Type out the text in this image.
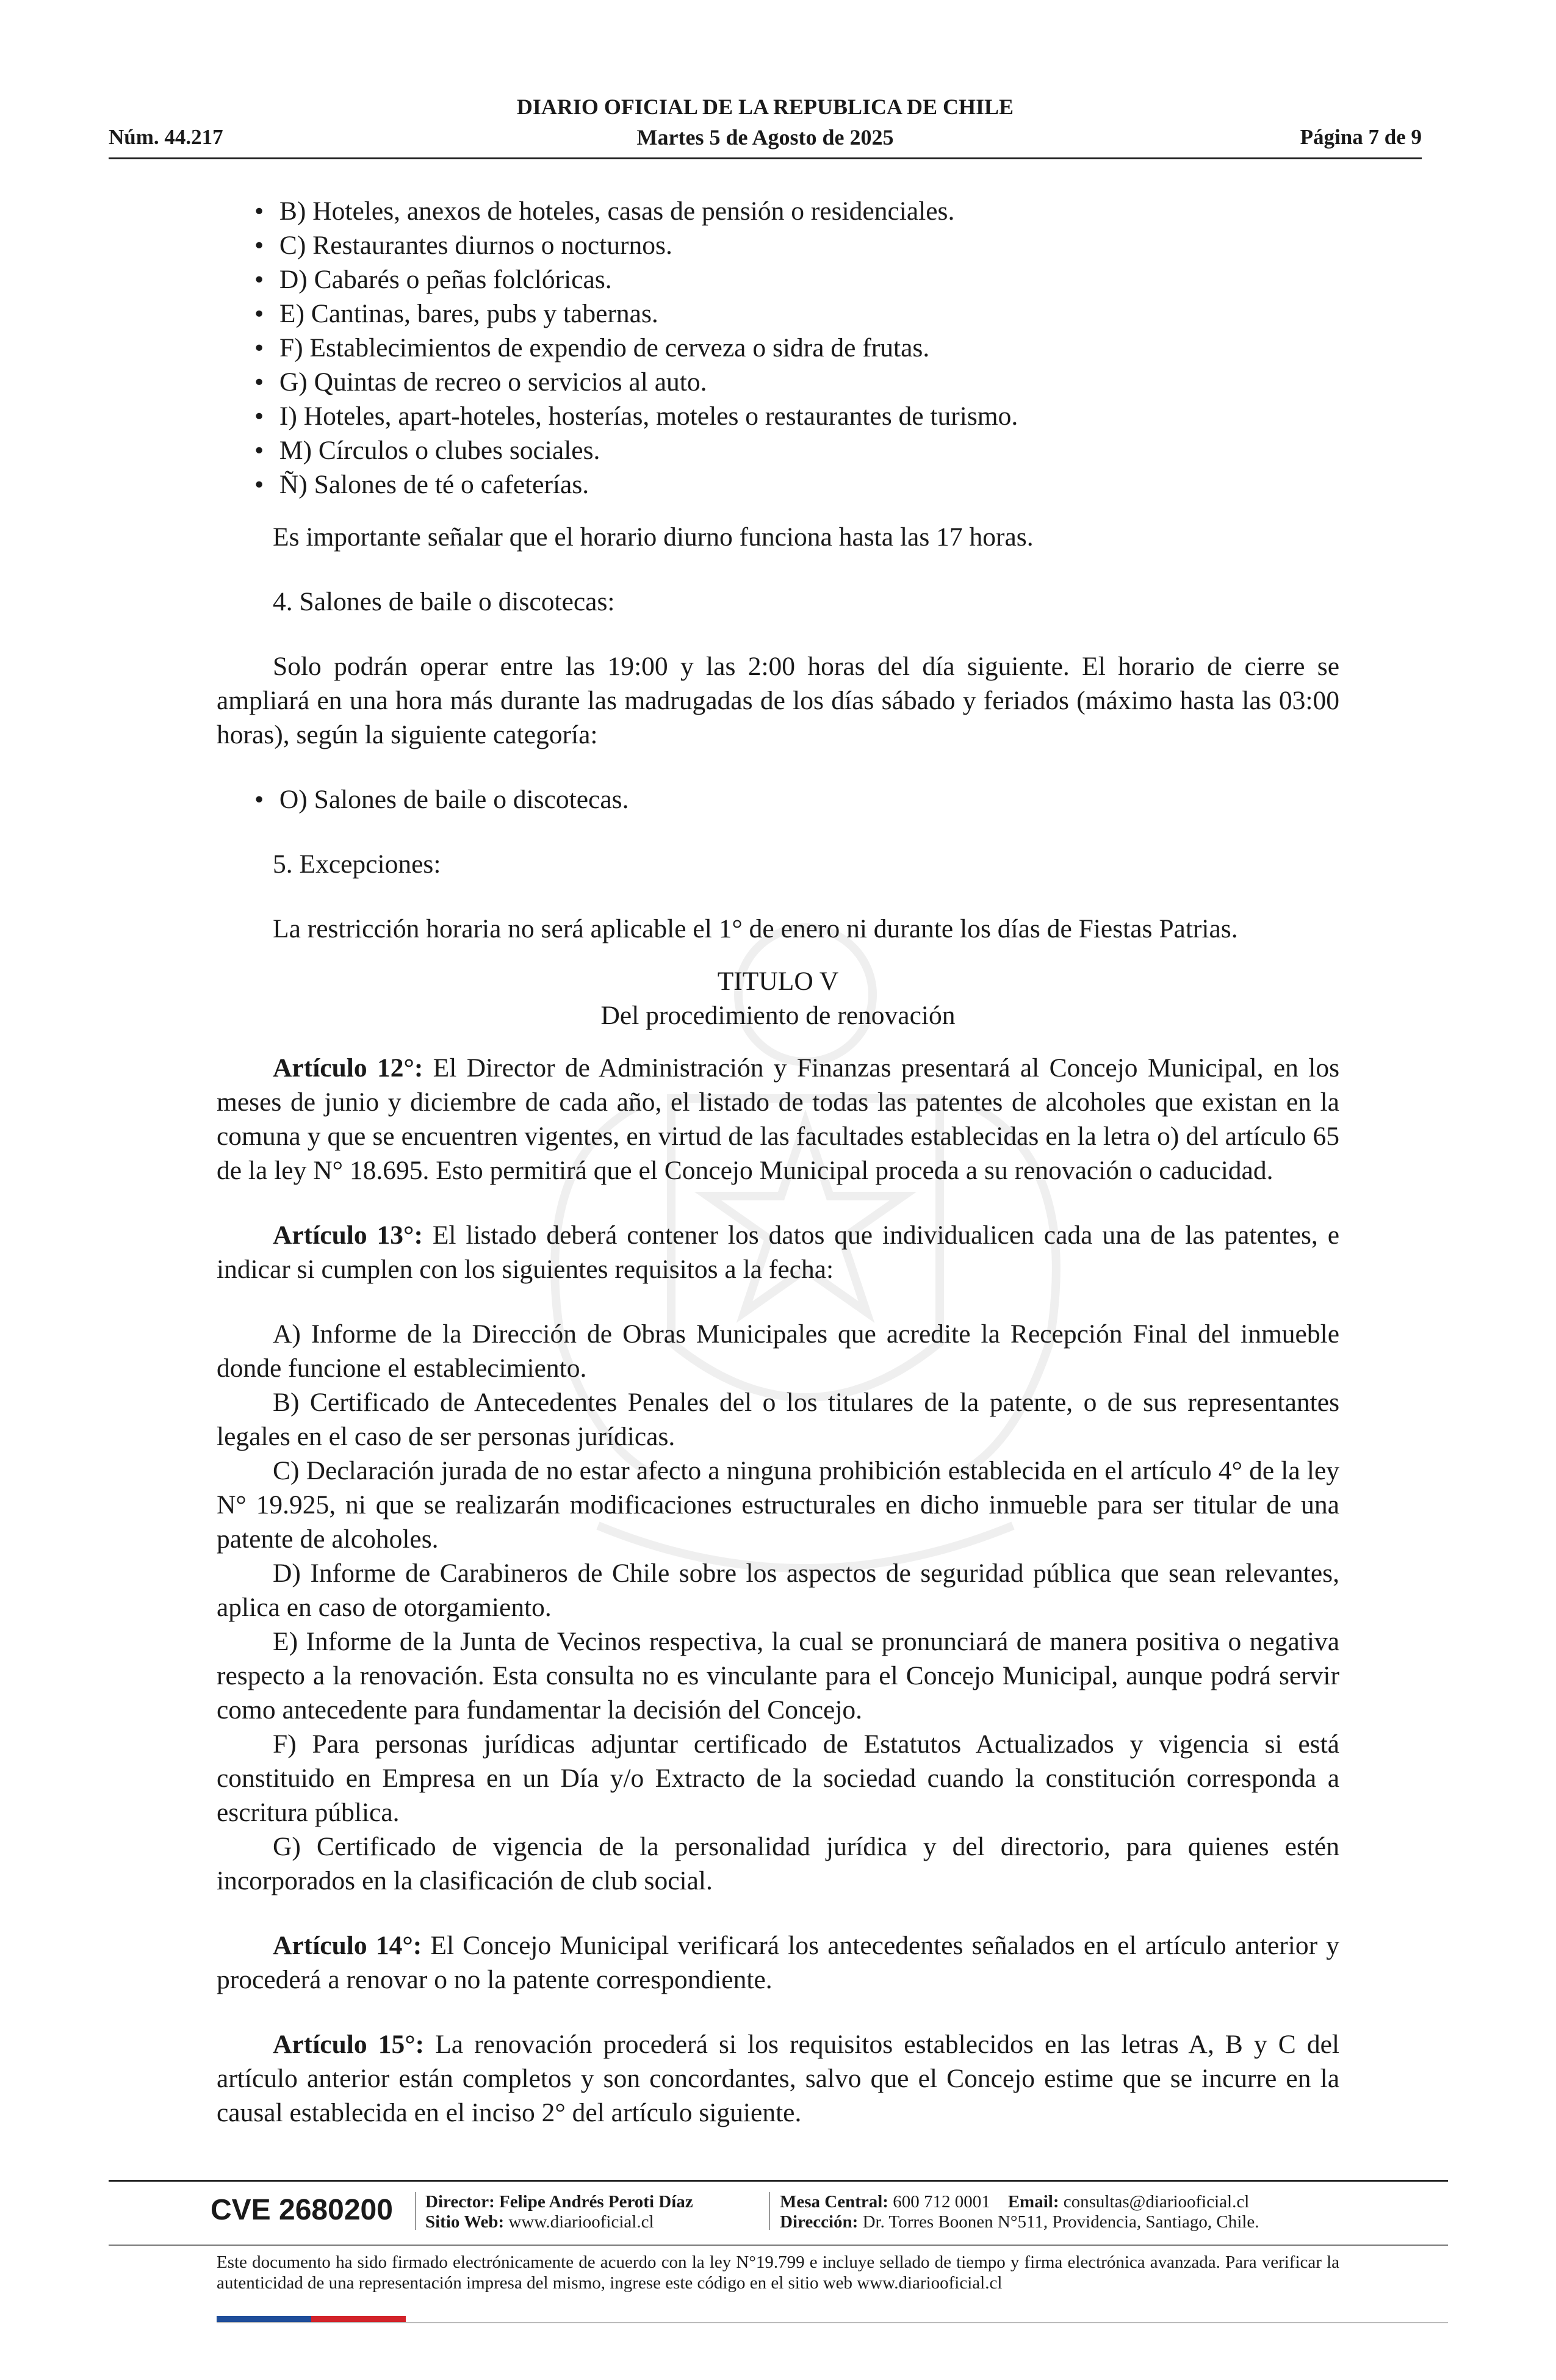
DIARIO OFICIAL DE LA REPUBLICA DE CHILE
Martes 5 de Agosto de 2025
Núm. 44.217	Página 7 de 9
• B) Hoteles, anexos de hoteles, casas de pensión o residenciales.
• C) Restaurantes diurnos o nocturnos.
• D) Cabarés o peñas folclóricas.
• E) Cantinas, bares, pubs y tabernas.
• F) Establecimientos de expendio de cerveza o sidra de frutas.
• G) Quintas de recreo o servicios al auto.
• I) Hoteles, apart-hoteles, hosterías, moteles o restaurantes de turismo.
• M) Círculos o clubes sociales.
• Ñ) Salones de té o cafeterías.

Es importante señalar que el horario diurno funciona hasta las 17 horas.

4. Salones de baile o discotecas:

Solo podrán operar entre las 19:00 y las 2:00 horas del día siguiente. El horario de cierre se ampliará en una hora más durante las madrugadas de los días sábado y feriados (máximo hasta las 03:00 horas), según la siguiente categoría:

• O) Salones de baile o discotecas.

5. Excepciones:

La restricción horaria no será aplicable el 1° de enero ni durante los días de Fiestas Patrias.

TITULO V
Del procedimiento de renovación

Artículo 12°: El Director de Administración y Finanzas presentará al Concejo Municipal, en los meses de junio y diciembre de cada año, el listado de todas las patentes de alcoholes que existan en la comuna y que se encuentren vigentes, en virtud de las facultades establecidas en la letra o) del artículo 65 de la ley N° 18.695. Esto permitirá que el Concejo Municipal proceda a su renovación o caducidad.

Artículo 13°: El listado deberá contener los datos que individualicen cada una de las patentes, e indicar si cumplen con los siguientes requisitos a la fecha:

A) Informe de la Dirección de Obras Municipales que acredite la Recepción Final del inmueble donde funcione el establecimiento.

B) Certificado de Antecedentes Penales del o los titulares de la patente, o de sus representantes legales en el caso de ser personas jurídicas.

C) Declaración jurada de no estar afecto a ninguna prohibición establecida en el artículo 4° de la ley N° 19.925, ni que se realizarán modificaciones estructurales en dicho inmueble para ser titular de una patente de alcoholes.

D) Informe de Carabineros de Chile sobre los aspectos de seguridad pública que sean relevantes, aplica en caso de otorgamiento.

E) Informe de la Junta de Vecinos respectiva, la cual se pronunciará de manera positiva o negativa respecto a la renovación. Esta consulta no es vinculante para el Concejo Municipal, aunque podrá servir como antecedente para fundamentar la decisión del Concejo.

F) Para personas jurídicas adjuntar certificado de Estatutos Actualizados y vigencia si está constituido en Empresa en un Día y/o Extracto de la sociedad cuando la constitución corresponda a escritura pública.

G) Certificado de vigencia de la personalidad jurídica y del directorio, para quienes estén incorporados en la clasificación de club social.

Artículo 14°: El Concejo Municipal verificará los antecedentes señalados en el artículo anterior y procederá a renovar o no la patente correspondiente.

Artículo 15°: La renovación procederá si los requisitos establecidos en las letras A, B y C del artículo anterior están completos y son concordantes, salvo que el Concejo estime que se incurre en la causal establecida en el inciso 2° del artículo siguiente.

CVE 2680200 Director: Felipe Andrés Peroti Díaz
Sitio Web: www.diariooficial.cl
Mesa Central: 600 712 0001 Email: consultas@diariooficial.cl
Dirección: Dr. Torres Boonen N°511, Providencia, Santiago, Chile.
Este documento ha sido firmado electrónicamente de acuerdo con la ley N°19.799 e incluye sellado de tiempo y firma electrónica avanzada. Para verificar la autenticidad de una representación impresa del mismo, ingrese este código en el sitio web www.diariooficial.cl
